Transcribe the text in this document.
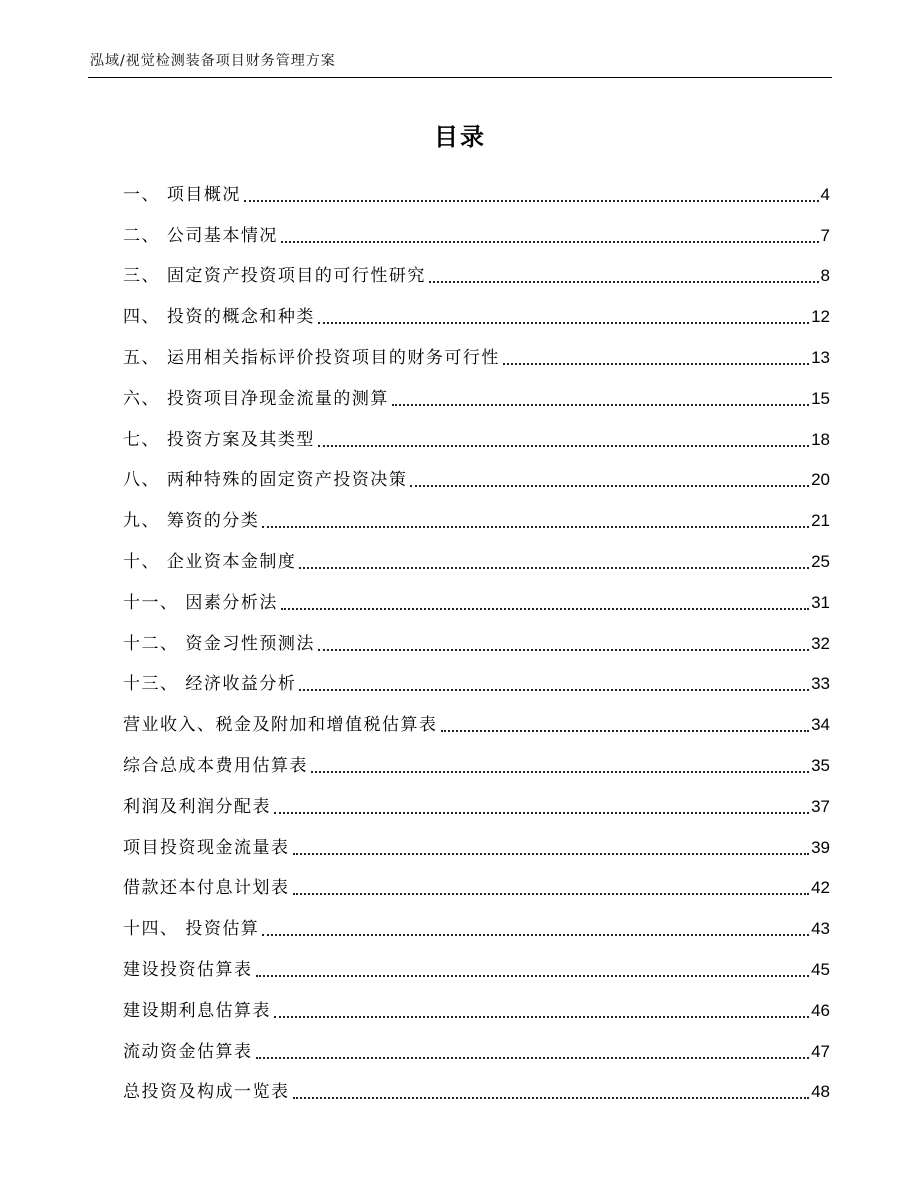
泓域/视觉检测装备项目财务管理方案
目录
一、 项目概况	4
二、 公司基本情况	7
三、 固定资产投资项目的可行性研究	8
四、 投资的概念和种类	12
五、 运用相关指标评价投资项目的财务可行性	13
六、 投资项目净现金流量的测算	15
七、 投资方案及其类型	18
八、 两种特殊的固定资产投资决策	20
九、 筹资的分类	21
十、 企业资本金制度	25
十一、 因素分析法	31
十二、 资金习性预测法	32
十三、 经济收益分析	33
营业收入、税金及附加和增值税估算表	34
综合总成本费用估算表	35
利润及利润分配表	37
项目投资现金流量表	39
借款还本付息计划表	42
十四、 投资估算	43
建设投资估算表	45
建设期利息估算表	46
流动资金估算表	47
总投资及构成一览表	48
